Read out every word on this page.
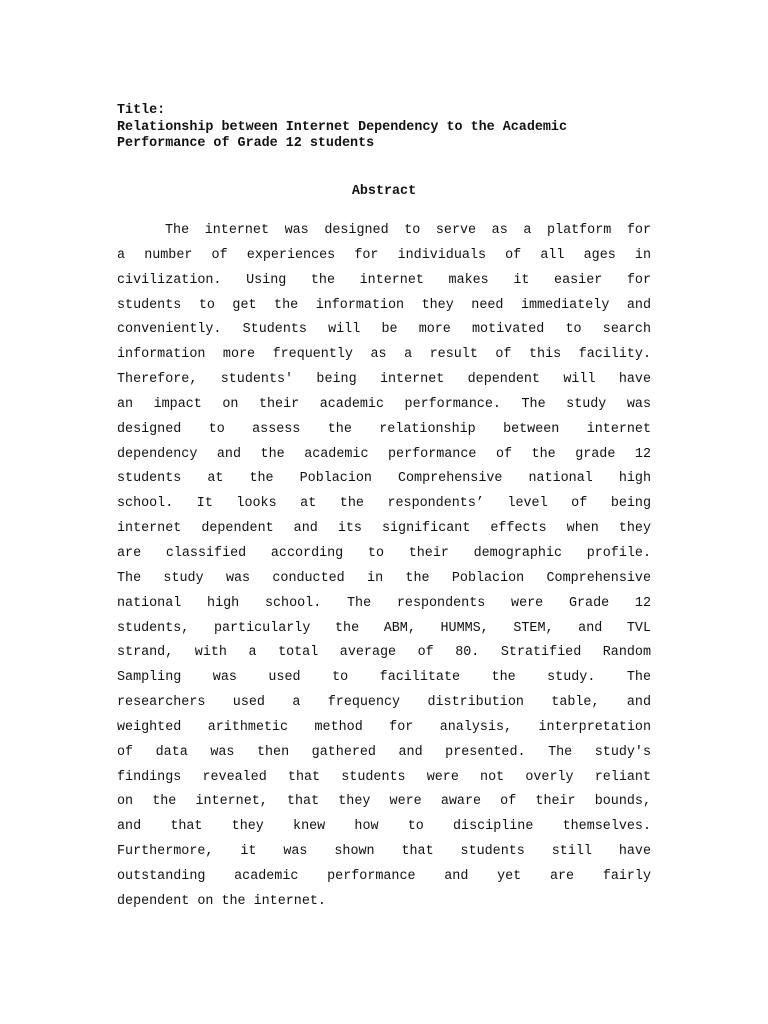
Title:
Relationship between Internet Dependency to the Academic
Performance of Grade 12 students
Abstract
The internet was designed to serve as a platform for
a number of experiences for individuals of all ages in
civilization. Using the internet makes it easier for
students to get the information they need immediately and
conveniently. Students will be more motivated to search
information more frequently as a result of this facility.
Therefore, students' being internet dependent will have
an impact on their academic performance. The study was
designed to assess the relationship between internet
dependency and the academic performance of the grade 12
students at the Poblacion Comprehensive national high
school. It looks at the respondents’ level of being
internet dependent and its significant effects when they
are classified according to their demographic profile.
The study was conducted in the Poblacion Comprehensive
national high school. The respondents were Grade 12
students, particularly the ABM, HUMMS, STEM, and TVL
strand, with a total average of 80. Stratified Random
Sampling was used to facilitate the study. The
researchers used a frequency distribution table, and
weighted arithmetic method for analysis, interpretation
of data was then gathered and presented. The study's
findings revealed that students were not overly reliant
on the internet, that they were aware of their bounds,
and that they knew how to discipline themselves.
Furthermore, it was shown that students still have
outstanding academic performance and yet are fairly
dependent on the internet.
